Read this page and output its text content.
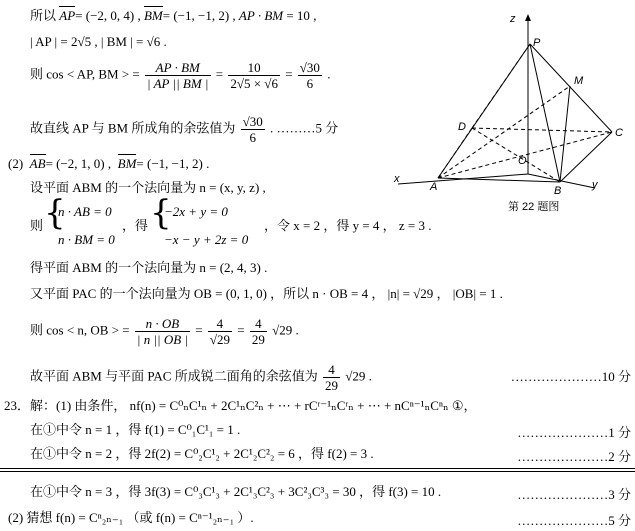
所以 AP= (−2, 0, 4) , BM= (−1, −1, 2) , AP · BM = 10 ,
| AP | = 2√5 , | BM | = √6 .
则 cos < AP, BM > = $\frac{AP \cdot BM}{| AP || BM |} = \frac{10}{2√5 \times √6} = \frac{√30}{6}$ .
故直线 AP 与 BM 所成角的余弦值为 $\frac{√30}{6}$ . ………5 分
(2) AB= (−2, 1, 0) ,  BM= (−1, −1, 2) .
设平面 ABM 的一个法向量为 n = (x, y, z) ,
则 {
n · AB = 0
n · BM = 0
，得 {
−2x + y = 0
−x − y + 2z = 0
，令 x = 2 ，得 y = 4 ， z = 3 .
得平面 ABM 的一个法向量为 n = (2, 4, 3) .
又平面 PAC 的一个法向量为 OB = (0, 1, 0) ，所以 n · OB = 4 ， |n| = √29 ， |OB| = 1 .
则 cos < n, OB > = $\frac{n \cdot OB}{| n || OB |} = \frac{4}{√29} = \frac{4}{29} √29$ .
故平面 ABM 与平面 PAC 所成锐二面角的余弦值为 $\frac{4}{29} √29$ .	…………………10 分
23．解：(1) 由条件， nf(n) = C⁰ₙC¹ₙ + 2C¹ₙC²ₙ + ⋯ + rCʳ⁻¹ₙCʳₙ + ⋯ + nCⁿ⁻¹ₙCⁿₙ ①，
在①中令 n = 1 ，得 f(1) = C⁰₁C¹₁ = 1 .	…………………1 分
在①中令 n = 2 ，得 2f(2) = C⁰₂C¹₂ + 2C¹₂C²₂ = 6 ，得 f(2) = 3 .	…………………2 分
在①中令 n = 3 ，得 3f(3) = C⁰₃C¹₃ + 2C¹₃C²₃ + 3C²₃C³₃ = 30 ，得 f(3) = 10 .	…………………3 分
(2) 猜想 f(n) = Cⁿ₂ₙ₋₁ （或 f(n) = Cⁿ⁻¹₂ₙ₋₁ ）.	…………………5 分
z
P
M
D	C
O
A	B
x	y
第 22 题图
